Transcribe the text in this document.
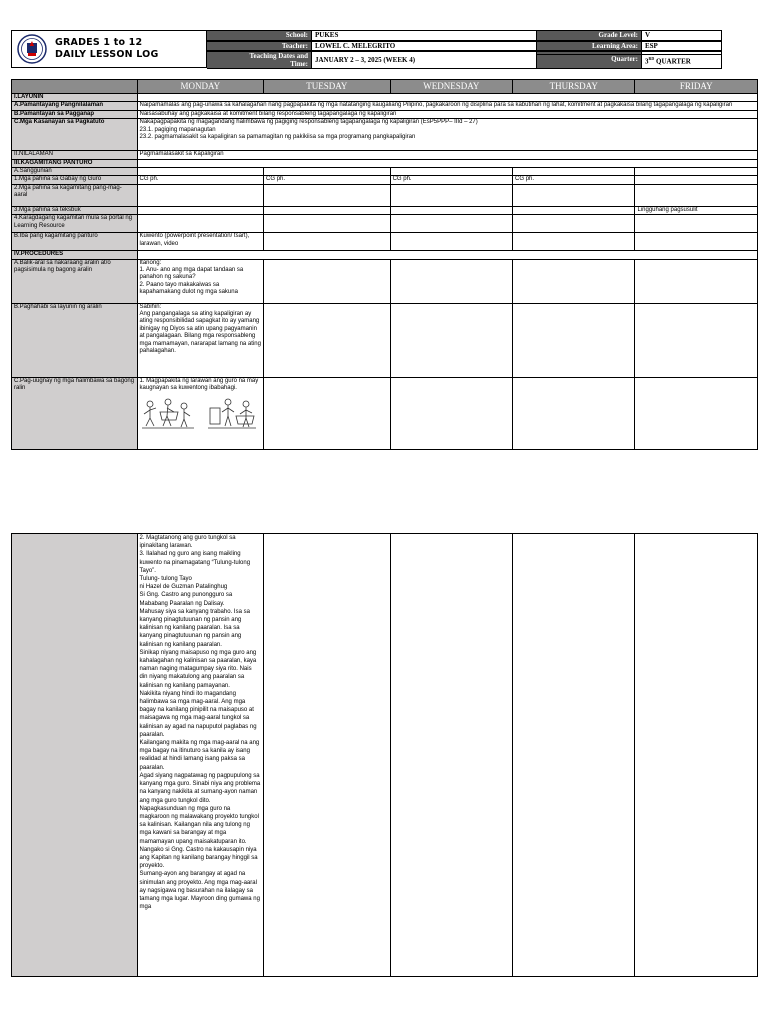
GRADES 1 to 12
DAILY LESSON LOG
School:	PUKES	Grade Level:	V
Teacher:	LOWEL C. MELEGRITO	Learning Area:	ESP
Teaching Dates and
Time:
JANUARY 2 – 3, 2025 (WEEK 4)	Quarter:	3RD QUARTER
	MONDAY	TUESDAY	WEDNESDAY	THURSDAY	FRIDAY
I.LAYUNIN					
A.Pamantayang Pangnilalaman	Naipamamalas ang pag-unawa sa kahalagahan nang pagpapakita ng mga natatanging kaugaliang Pilipino, pagkakaroon ng disiplina para sa kabutihan ng lahat, komitment at pagkakaisa bilang tagapangalaga ng kapaligiran				
B.Pamantayan sa Pagganap	Naisasabuhay ang pagkakaisa at komitment bilang responsableng tagapangalaga ng kapaligiran				
C.Mga Kasanayan sa Pagkatuto	Nakapagpapakita ng magagandang halimbawa ng pagiging responsableng tagapangalaga ng kapaligiran (EsP5PPP– IIId – 27)
23.1. pagiging mapanagutan
23.2. pagmamalasakit sa kapaligiran sa pamamagitan ng pakikiisa sa mga programang pangkapaligiran				

II.NILALAMAN	Pagmamalasakit sa Kapaligiran				
III.KAGAMITANG PANTURO					
A.Sanggunian					
1.Mga pahina sa Gabay ng Guro	CG ph.	CG ph.	CG ph.	CG ph.	
2.Mga pahina sa kagamitang pang-mag-aaral					
3.Mga pahina sa teksbuk					Lingguhang pagsusulit
4.Karagdagang kagamitan mula sa portal ng Learning Resource					
B.Iba pang kagamitang panturo	Kuwento (powerpoint presentation/ tsart), larawan, video				
IV.PROCEDURES					
A.Balik-aral sa nakaraang aralin at/o pagsisimula ng bagong aralin	Itanong:
1. Anu- ano ang mga dapat tandaan sa panahon ng sakuna?
2. Paano tayo makakaiwas sa kapahamakang dulot ng mga sakuna				

B.Paghahabi sa layunin ng aralin	Sabihin:
Ang pangangalaga sa ating kapaligiran ay ating responsibilidad sapagkat ito ay yamang ibinigay ng Diyos sa atin upang pagyamanin at pangalagaan. Bilang mga responsableng mga mamamayan, nararapat lamang na ating pahalagahan.				

C.Pag-uugnay ng mga halimbawa sa bagong ralin	1. Magpapakita ng larawan ang guro na may kaugnayan sa kuwentong ibabahagi.				

2. Magtatanong ang guro tungkol sa ipinakitang larawan.
3. Ilalahad ng guro ang isang maikling kuwento na pinamagatang “Tulung-tulong Tayo”.
Tulung- tulong Tayo
ni Hazel de Guzman Patalinghug
Si Gng. Castro ang punongguro sa Mababang Paaralan ng Dalisay.
Mahusay siya sa kanyang trabaho. Isa sa kanyang pinagtutuunan ng pansin ang kalinisan ng kanilang paaralan. Isa sa kanyang pinagtutuunan ng pansin ang kalinisan ng kanilang paaralan.
Sinikap niyang maisapuso ng mga guro ang kahalagahan ng kalinisan sa paaralan, kaya naman naging matagumpay siya rito. Nais din niyang makatulong ang paaralan sa kalinisan ng kanilang pamayanan.
Nakikita niyang hindi ito magandang halimbawa sa mga mag-aaral. Ang mga bagay na kanilang pinipilit na maisapuso at maisagawa ng mga mag-aaral tungkol sa kalinisan ay agad na napuputol paglabas ng paaralan.
Kailangang makita ng mga mag-aaral na ang mga bagay na itinuturo sa kanila ay isang realidad at hindi lamang isang paksa sa paaralan.
Agad siyang nagpatawag ng pagpupulong sa kanyang mga guro. Sinabi niya ang problema na kanyang nakikita at sumang-ayon naman ang mga guro tungkol dito.
Napagkasunduan ng mga guro na magkaroon ng malawakang proyekto tungkol sa kalinisan. Kailangan nila ang tulong ng mga kawani sa barangay at mga mamamayan upang maisakatuparan ito. Nangako si Gng. Castro na kakausapin niya ang Kapitan ng kanilang barangay hinggil sa proyekto.
Sumang-ayon ang barangay at agad na sinimulan ang proyekto. Ang mga mag-aaral ay nagsigawa ng basurahan na ilalagay sa tamang mga lugar. Mayroon ding gumawa ng mga
